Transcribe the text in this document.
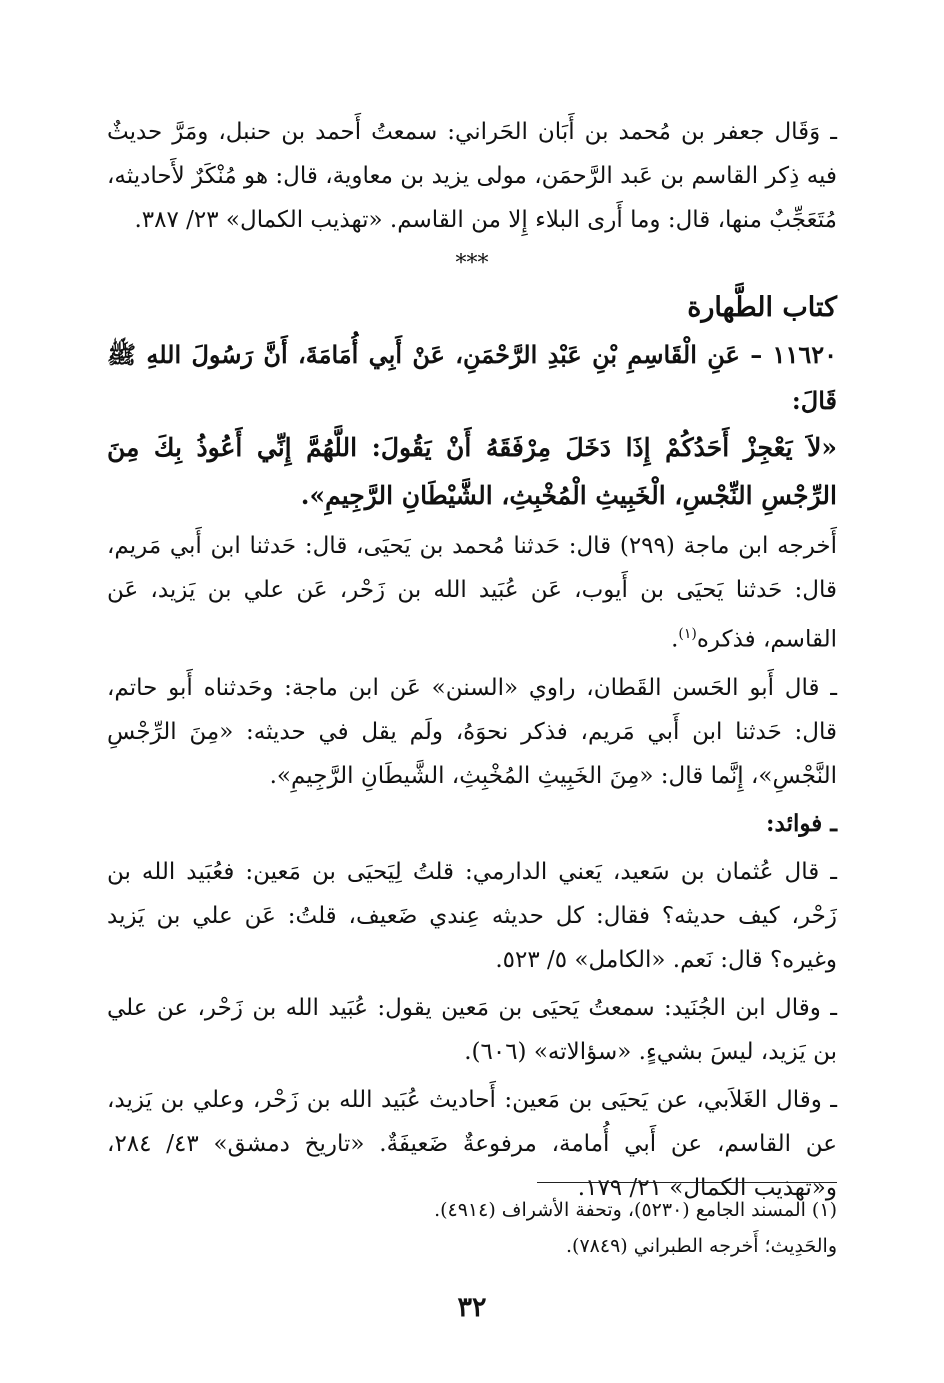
ـ وَقَال جعفر بن مُحمد بن أَبَان الحَراني: سمعتُ أَحمد بن حنبل، ومَرَّ حديثٌ فيه ذِكر القاسم بن عَبد الرَّحمَن، مولى يزيد بن معاوية، قال: هو مُنْكَرٌ لأَحاديثه، مُتَعَجِّبٌ منها، قال: وما أَرى البلاء إِلا من القاسم. «تهذيب الكمال» ٢٣/ ٣٨٧.

***

كتاب الطَّهارة

١١٦٢٠ – عَنِ الْقَاسِمِ بْنِ عَبْدِ الرَّحْمَنِ، عَنْ أَبِي أُمَامَةَ، أَنَّ رَسُولَ اللهِ ﷺ قَالَ:

«لاَ يَعْجِزْ أَحَدُكُمْ إِذَا دَخَلَ مِرْفَقَهُ أَنْ يَقُولَ: اللَّهُمَّ إِنِّي أَعُوذُ بِكَ مِنَ الرِّجْسِ النِّجْسِ، الْخَبِيثِ الْمُخْبِثِ، الشَّيْطَانِ الرَّجِيمِ».

أَخرجه ابن ماجة (٢٩٩) قال: حَدثنا مُحمد بن يَحيَى، قال: حَدثنا ابن أَبي مَريم، قال: حَدثنا يَحيَى بن أَيوب، عَن عُبَيد الله بن زَحْر، عَن علي بن يَزيد، عَن القاسم، فذكره$^{(١)}$.

ـ قال أَبو الحَسن القَطان، راوي «السنن» عَن ابن ماجة: وحَدثناه أَبو حاتم، قال: حَدثنا ابن أَبي مَريم، فذكر نحوَهُ، ولَم يقل في حديثه: «مِنَ الرِّجْسِ النَّجْسِ»، إِنَّما قال: «مِنَ الخَبِيثِ المُخْبِثِ، الشَّيطَانِ الرَّجِيمِ».

ـ فوائد:

ـ قال عُثمان بن سَعيد، يَعني الدارمي: قلتُ لِيَحيَى بن مَعين: فعُبَيد الله بن زَحْر، كيف حديثه؟ فقال: كل حديثه عِندي ضَعيف، قلتُ: عَن علي بن يَزيد وغيره؟ قال: نَعم. «الكامل» ٥/ ٥٢٣.

ـ وقال ابن الجُنَيد: سمعتُ يَحيَى بن مَعين يقول: عُبَيد الله بن زَحْر، عن علي بن يَزيد، ليسَ بشيءٍ. «سؤالاته» (٦٠٦).

ـ وقال الغَلاَبي، عن يَحيَى بن مَعين: أَحاديث عُبَيد الله بن زَحْر، وعلي بن يَزيد، عن القاسم، عن أَبي أُمامة، مرفوعةٌ ضَعيفَةٌ. «تاريخ دمشق» ٤٣/ ٢٨٤، و«تهذيب الكمال» ٢١/ ١٧٩.

(١) المسند الجامع (٥٢٣٠)، وتحفة الأشراف (٤٩١٤).

والحَدِيث؛ أَخرجه الطبراني (٧٨٤٩).

٣٢
